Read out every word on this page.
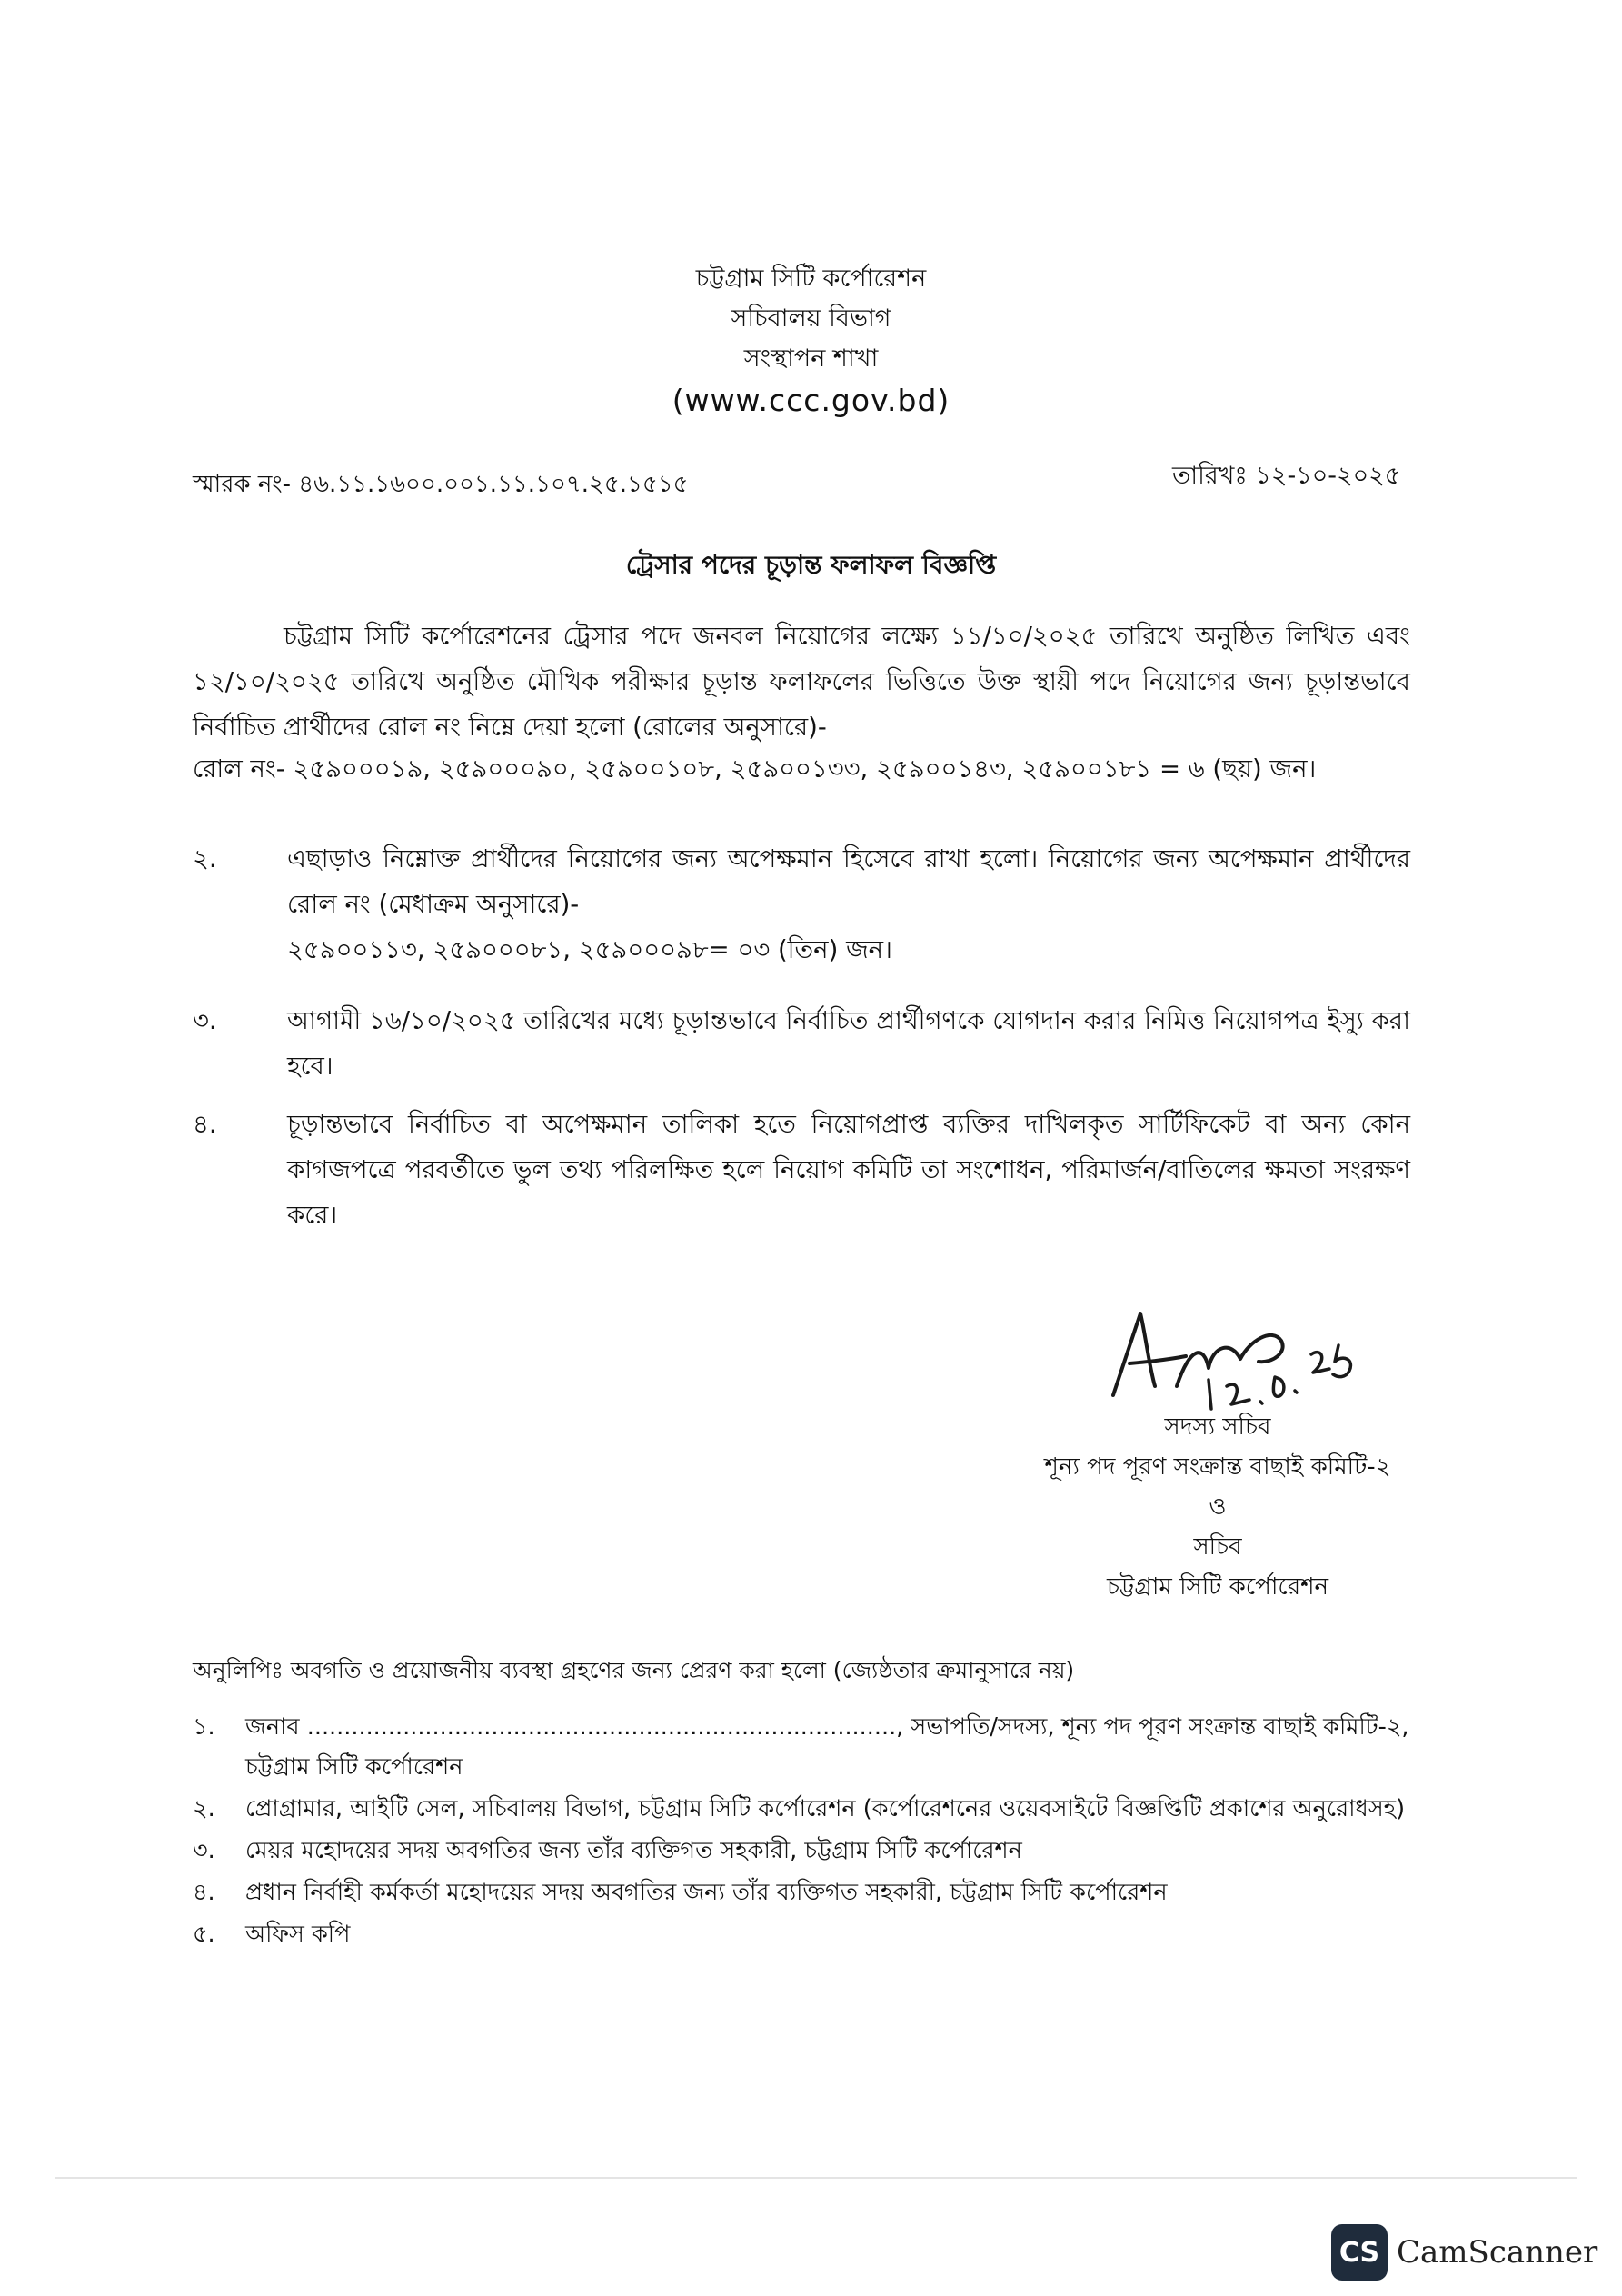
চট্টগ্রাম সিটি কর্পোরেশন
সচিবালয় বিভাগ
সংস্থাপন শাখা
(www.ccc.gov.bd)
স্মারক নং- ৪৬.১১.১৬০০.০০১.১১.১০৭.২৫.১৫১৫	তারিখঃ ১২-১০-২০২৫
ট্রেসার পদের চূড়ান্ত ফলাফল বিজ্ঞপ্তি
চট্টগ্রাম সিটি কর্পোরেশনের ট্রেসার পদে জনবল নিয়োগের লক্ষ্যে ১১/১০/২০২৫ তারিখে অনুষ্ঠিত লিখিত এবং ১২/১০/২০২৫ তারিখে অনুষ্ঠিত মৌখিক পরীক্ষার চূড়ান্ত ফলাফলের ভিত্তিতে উক্ত স্থায়ী পদে নিয়োগের জন্য চূড়ান্তভাবে নির্বাচিত প্রার্থীদের রোল নং নিম্নে দেয়া হলো (রোলের অনুসারে)-
রোল নং- ২৫৯০০০১৯, ২৫৯০০০৯০, ২৫৯০০১০৮, ২৫৯০০১৩৩, ২৫৯০০১৪৩, ২৫৯০০১৮১ = ৬ (ছয়) জন।
২.	এছাড়াও নিম্নোক্ত প্রার্থীদের নিয়োগের জন্য অপেক্ষমান হিসেবে রাখা হলো। নিয়োগের জন্য অপেক্ষমান প্রার্থীদের রোল নং (মেধাক্রম অনুসারে)-
২৫৯০০১১৩, ২৫৯০০০৮১, ২৫৯০০০৯৮= ০৩ (তিন) জন।
৩.	আগামী ১৬/১০/২০২৫ তারিখের মধ্যে চূড়ান্তভাবে নির্বাচিত প্রার্থীগণকে যোগদান করার নিমিত্ত নিয়োগপত্র ইস্যু করা হবে।
৪.	চূড়ান্তভাবে নির্বাচিত বা অপেক্ষমান তালিকা হতে নিয়োগপ্রাপ্ত ব্যক্তির দাখিলকৃত সার্টিফিকেট বা অন্য কোন কাগজপত্রে পরবর্তীতে ভুল তথ্য পরিলক্ষিত হলে নিয়োগ কমিটি তা সংশোধন, পরিমার্জন/বাতিলের ক্ষমতা সংরক্ষণ করে।
সদস্য সচিব
শূন্য পদ পূরণ সংক্রান্ত বাছাই কমিটি-২
ও
সচিব
চট্টগ্রাম সিটি কর্পোরেশন
অনুলিপিঃ অবগতি ও প্রয়োজনীয় ব্যবস্থা গ্রহণের জন্য প্রেরণ করা হলো (জ্যেষ্ঠতার ক্রমানুসারে নয়)
১. জনাব ................................................................................, সভাপতি/সদস্য, শূন্য পদ পূরণ সংক্রান্ত বাছাই কমিটি-২, চট্টগ্রাম সিটি কর্পোরেশন
২. প্রোগ্রামার, আইটি সেল, সচিবালয় বিভাগ, চট্টগ্রাম সিটি কর্পোরেশন (কর্পোরেশনের ওয়েবসাইটে বিজ্ঞপ্তিটি প্রকাশের অনুরোধসহ)
৩. মেয়র মহোদয়ের সদয় অবগতির জন্য তাঁর ব্যক্তিগত সহকারী, চট্টগ্রাম সিটি কর্পোরেশন
৪. প্রধান নির্বাহী কর্মকর্তা মহোদয়ের সদয় অবগতির জন্য তাঁর ব্যক্তিগত সহকারী, চট্টগ্রাম সিটি কর্পোরেশন
৫. অফিস কপি
CS CamScanner
